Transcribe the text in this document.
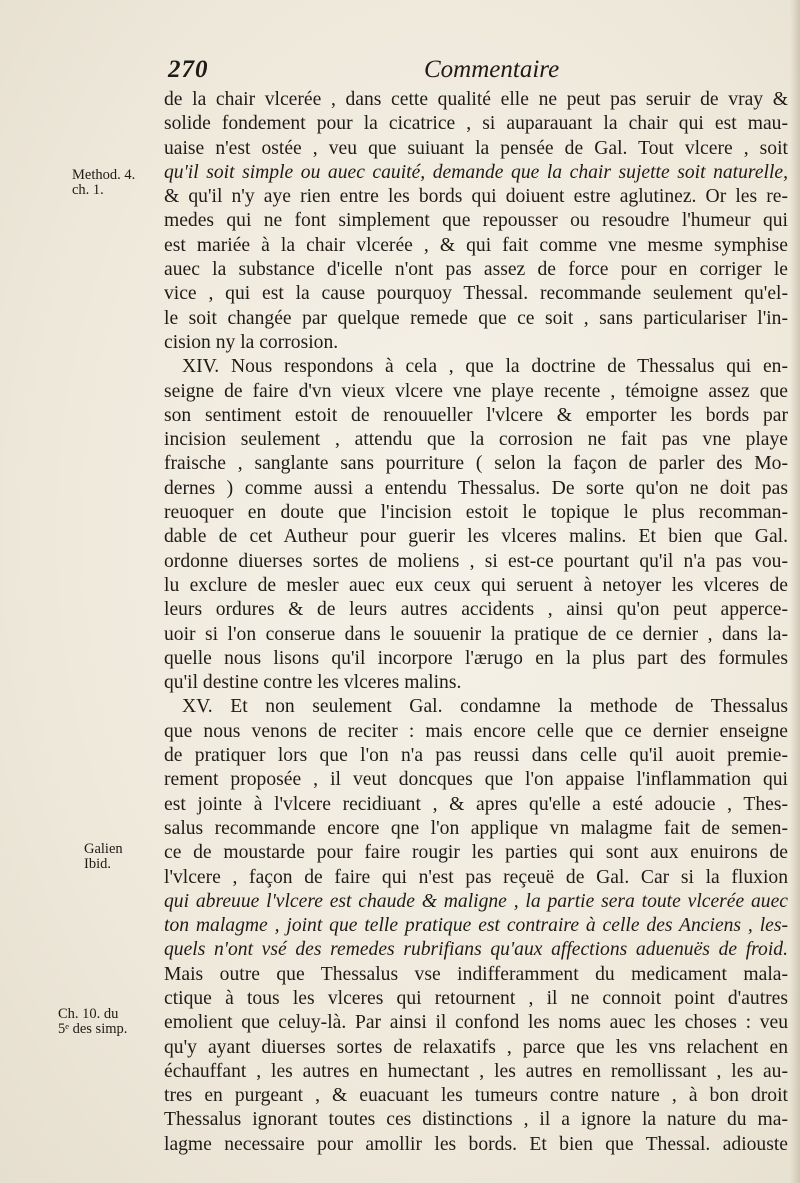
270	Commentaire
Method. 4.
ch. 1.
Galien
Ibid.
Ch. 10. du
5ᵉ des simp.
de la chair vlcerée , dans cette qualité elle ne peut pas seruir de vray &
solide fondement pour la cicatrice , si auparauant la chair qui est mau-
uaise n'est ostée , veu que suiuant la pensée de Gal. Tout vlcere , soit
qu'il soit simple ou auec cauité, demande que la chair sujette soit naturelle,
& qu'il n'y aye rien entre les bords qui doiuent estre aglutinez. Or les re-
medes qui ne font simplement que repousser ou resoudre l'humeur qui
est mariée à la chair vlcerée , & qui fait comme vne mesme symphise
auec la substance d'icelle n'ont pas assez de force pour en corriger le
vice , qui est la cause pourquoy Thessal. recommande seulement qu'el-
le soit changée par quelque remede que ce soit , sans particulariser l'in-
cision ny la corrosion.
XIV. Nous respondons à cela , que la doctrine de Thessalus qui en-
seigne de faire d'vn vieux vlcere vne playe recente , témoigne assez que
son sentiment estoit de renouueller l'vlcere & emporter les bords par
incision seulement , attendu que la corrosion ne fait pas vne playe
fraische , sanglante sans pourriture ( selon la façon de parler des Mo-
dernes ) comme aussi a entendu Thessalus. De sorte qu'on ne doit pas
reuoquer en doute que l'incision estoit le topique le plus recomman-
dable de cet Autheur pour guerir les vlceres malins. Et bien que Gal.
ordonne diuerses sortes de moliens , si est-ce pourtant qu'il n'a pas vou-
lu exclure de mesler auec eux ceux qui seruent à netoyer les vlceres de
leurs ordures & de leurs autres accidents , ainsi qu'on peut apperce-
uoir si l'on conserue dans le souuenir la pratique de ce dernier , dans la-
quelle nous lisons qu'il incorpore l'ærugo en la plus part des formules
qu'il destine contre les vlceres malins.
XV. Et non seulement Gal. condamne la methode de Thessalus
que nous venons de reciter : mais encore celle que ce dernier enseigne
de pratiquer lors que l'on n'a pas reussi dans celle qu'il auoit premie-
rement proposée , il veut doncques que l'on appaise l'inflammation qui
est jointe à l'vlcere recidiuant , & apres qu'elle a esté adoucie , Thes-
salus recommande encore qne l'on applique vn malagme fait de semen-
ce de moustarde pour faire rougir les parties qui sont aux enuirons de
l'vlcere , façon de faire qui n'est pas reçeuë de Gal. Car si la fluxion
qui abreuue l'vlcere est chaude & maligne , la partie sera toute vlcerée auec
ton malagme , joint que telle pratique est contraire à celle des Anciens , les-
quels n'ont vsé des remedes rubrifians qu'aux affections aduenuës de froid.
Mais outre que Thessalus vse indifferamment du medicament mala-
ctique à tous les vlceres qui retournent , il ne connoit point d'autres
emolient que celuy-là. Par ainsi il confond les noms auec les choses : veu
qu'y ayant diuerses sortes de relaxatifs , parce que les vns relachent en
échauffant , les autres en humectant , les autres en remollissant , les au-
tres en purgeant , & euacuant les tumeurs contre nature , à bon droit
Thessalus ignorant toutes ces distinctions , il a ignore la nature du ma-
lagme necessaire pour amollir les bords. Et bien que Thessal. adiouste
